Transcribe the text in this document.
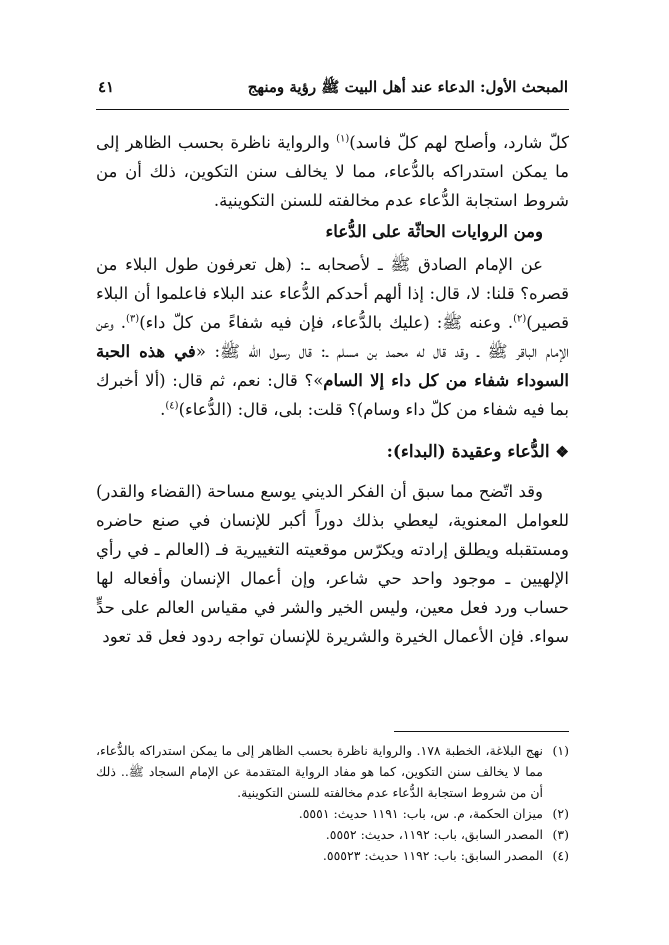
المبحث الأول: الدعاء عند أهل البيت ﷺ رؤية ومنهج
٤١

كلّ شارد، وأصلح لهم كلّ فاسد)$^{(١)}$ والرواية ناظرة بحسب الظاهر إلى ما يمكن استدراكه بالدُّعاء، مما لا يخالف سنن التكوين، ذلك أن من شروط استجابة الدُّعاء عدم مخالفته للسنن التكوينية.

ومن الروايات الحاثّة على الدُّعاء

عن الإمام الصادق ﷺ ـ لأصحابه ـ: (هل تعرفون طول البلاء من قصره؟ قلنا: لا، قال: إذا ألهم أحدكم الدُّعاء عند البلاء فاعلموا أن البلاء قصير)$^{(٢)}$. وعنه ﷺ: (عليك بالدُّعاء، فإن فيه شفاءً من كلّ داء)$^{(٣)}$. وعن الإمام الباقر ﷺ ـ وقد قال له محمد بن مسلم ـ: قال رسول الله ﷺ: «في هذه الحبة السوداء شفاء من كل داء إلا السام»؟ قال: نعم، ثم قال: (ألا أخبرك بما فيه شفاء من كلّ داء وسام)؟ قلت: بلى، قال: (الدُّعاء)$^{(٤)}$.

❖الدُّعاء وعقيدة (البداء):

وقد اتّضح مما سبق أن الفكر الديني يوسع مساحة (القضاء والقدر) للعوامل المعنوية، ليعطي بذلك دوراً أكبر للإنسان في صنع حاضره ومستقبله ويطلق إرادته ويكرّس موقعيته التغييرية فـ (العالم ـ في رأي الإلهيين ـ موجود واحد حي شاعر، وإن أعمال الإنسان وأفعاله لها حساب ورد فعل معين، وليس الخير والشر في مقياس العالم على حدٍّ سواء. فإن الأعمال الخيرة والشريرة للإنسان تواجه ردود فعل قد تعود

(١)
نهج البلاغة، الخطبة ١٧٨. والرواية ناظرة بحسب الظاهر إلى ما يمكن استدراكه بالدُّعاء، مما لا يخالف سنن التكوين، كما هو مفاد الرواية المتقدمة عن الإمام السجاد ﷺ.. ذلك أن من شروط استجابة الدُّعاء عدم مخالفته للسنن التكوينية.
(٢)
ميزان الحكمة، م. س، باب: ١١٩١ حديث: ٥٥٥١.
(٣)
المصدر السابق، باب: ١١٩٢، حديث: ٥٥٥٢.
(٤)
المصدر السابق: باب: ١١٩٢ حديث: ٥٥٥٢٣.
